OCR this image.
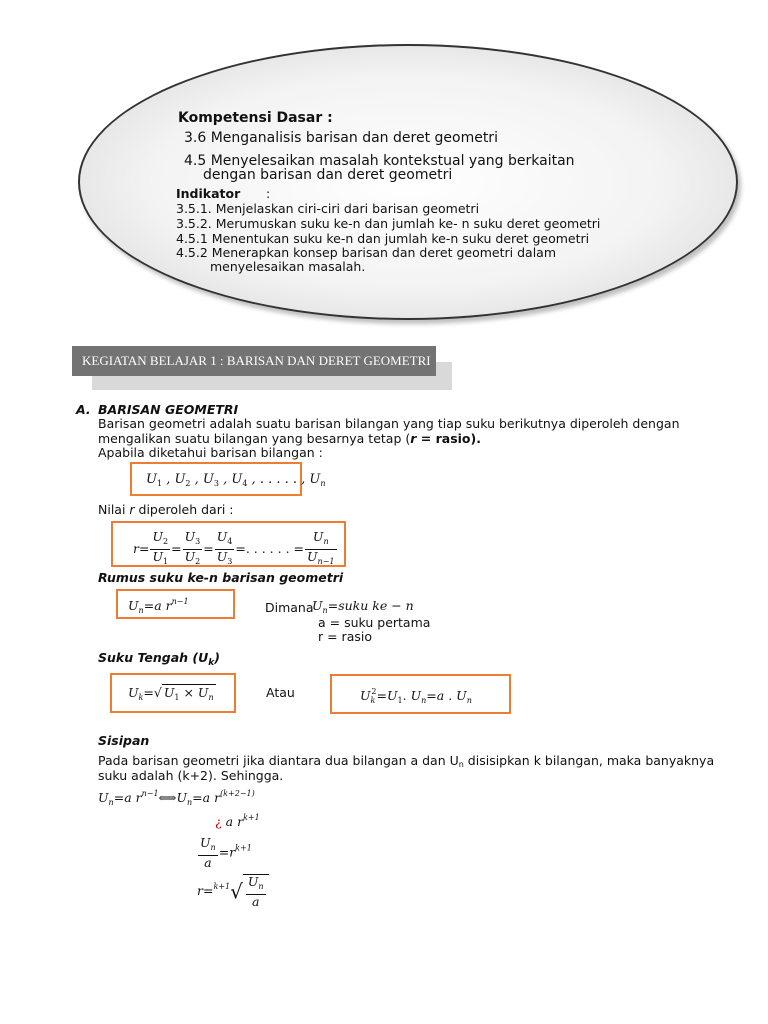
Kompetensi Dasar :
3.6 Menganalisis barisan dan deret geometri
4.5 Menyelesaikan masalah kontekstual yang berkaitan
dengan barisan dan deret geometri
Indikator :
3.5.1. Menjelaskan ciri-ciri dari barisan geometri
3.5.2. Merumuskan suku ke-n dan jumlah ke- n suku deret geometri
4.5.1 Menentukan suku ke-n dan jumlah ke-n suku deret geometri
4.5.2 Menerapkan konsep barisan dan deret geometri dalam
menyelesaikan masalah.
KEGIATAN BELAJAR 1 : BARISAN DAN DERET GEOMETRI
A. BARISAN GEOMETRI
Barisan geometri adalah suatu barisan bilangan yang tiap suku berikutnya diperoleh dengan
mengalikan suatu bilangan yang besarnya tetap (r = rasio).
Apabila diketahui barisan bilangan :
$U_1$ , $U_2$ , $U_3$ , $U_4$ , . . . . . , $U_n$
Nilai r diperoleh dari :
$r= \frac{U_2}{U_1} = \frac{U_3}{U_2} = \frac{U_4}{U_3}$ =. . . . . . = $\frac{U_n}{U_{n-1}}$
Rumus suku ke-n barisan geometri
$U_n=a$ $r^{n-1}$	Dimana
$U_n=suku$ ke − n
a = suku pertama
r = rasio
Suku Tengah $(U_k)$
$U_k=√$ $U_1 \times U_n$	Atau	$U_k^2=U_1$. $U_n=a$ . $U_n$
Sisipan
Pada barisan geometri jika diantara dua bilangan a dan Un disisipkan k bilangan, maka banyaknya
suku adalah (k+2). Sehingga.
$U_n=a$ $r^{n-1}⟺U_n=a$ $r^{(k+2-1)}$
¿ a $r^{k+1}$
$\frac{U_n}{a} =r^{k+1}$
$r=^{k+1}√ \frac{U_n}{a}$
